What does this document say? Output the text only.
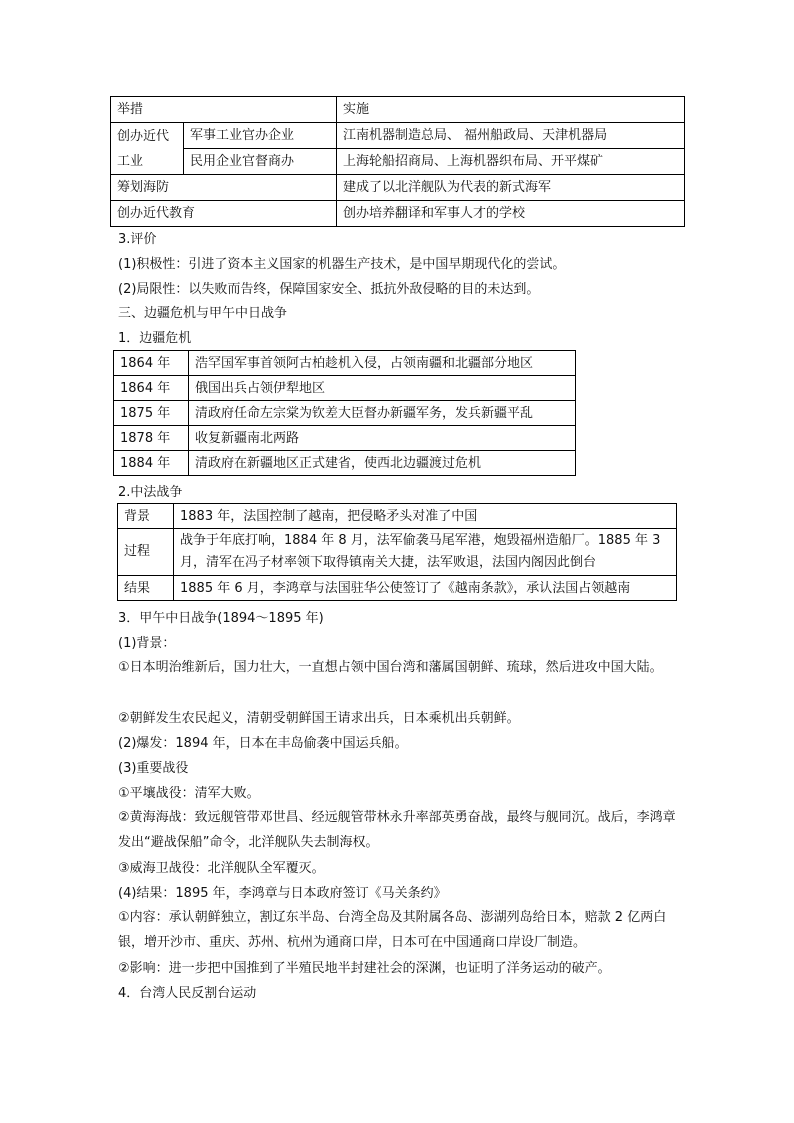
举措		实施
创办近代工业	军事工业官办企业	江南机器制造总局、 福州船政局、天津机器局
	民用企业官督商办	上海轮船招商局、上海机器织布局、开平煤矿
筹划海防		建成了以北洋舰队为代表的新式海军
创办近代教育		创办培养翻译和军事人才的学校
3.评价
(1)积极性：引进了资本主义国家的机器生产技术，是中国早期现代化的尝试。
(2)局限性：以失败而告终，保障国家安全、抵抗外敌侵略的目的未达到。
三、边疆危机与甲午中日战争
1．边疆危机
1864 年	浩罕国军事首领阿古柏趁机入侵，占领南疆和北疆部分地区
1864 年	俄国出兵占领伊犁地区
1875 年	清政府任命左宗棠为钦差大臣督办新疆军务，发兵新疆平乱
1878 年	收复新疆南北两路
1884 年	清政府在新疆地区正式建省，使西北边疆渡过危机
2.中法战争
背景	1883 年，法国控制了越南，把侵略矛头对准了中国
过程	战争于年底打响，1884 年 8 月，法军偷袭马尾军港，炮毁福州造船厂。1885 年 3 月，清军在冯子材率领下取得镇南关大捷，法军败退，法国内阁因此倒台
结果	1885 年 6 月，李鸿章与法国驻华公使签订了《越南条款》，承认法国占领越南
3．甲午中日战争(1894～1895 年)
(1)背景：
①日本明治维新后，国力壮大，一直想占领中国台湾和藩属国朝鲜、琉球，然后进攻中国大陆。
②朝鲜发生农民起义，清朝受朝鲜国王请求出兵，日本乘机出兵朝鲜。
(2)爆发：1894 年，日本在丰岛偷袭中国运兵船。
(3)重要战役
①平壤战役：清军大败。
②黄海海战：致远舰管带邓世昌、经远舰管带林永升率部英勇奋战，最终与舰同沉。战后，李鸿章发出“避战保船”命令，北洋舰队失去制海权。
③威海卫战役：北洋舰队全军覆灭。
(4)结果：1895 年，李鸿章与日本政府签订《马关条约》
①内容：承认朝鲜独立，割辽东半岛、台湾全岛及其附属各岛、澎湖列岛给日本，赔款 2 亿两白银，增开沙市、重庆、苏州、杭州为通商口岸，日本可在中国通商口岸设厂制造。
②影响：进一步把中国推到了半殖民地半封建社会的深渊，也证明了洋务运动的破产。
4．台湾人民反割台运动
